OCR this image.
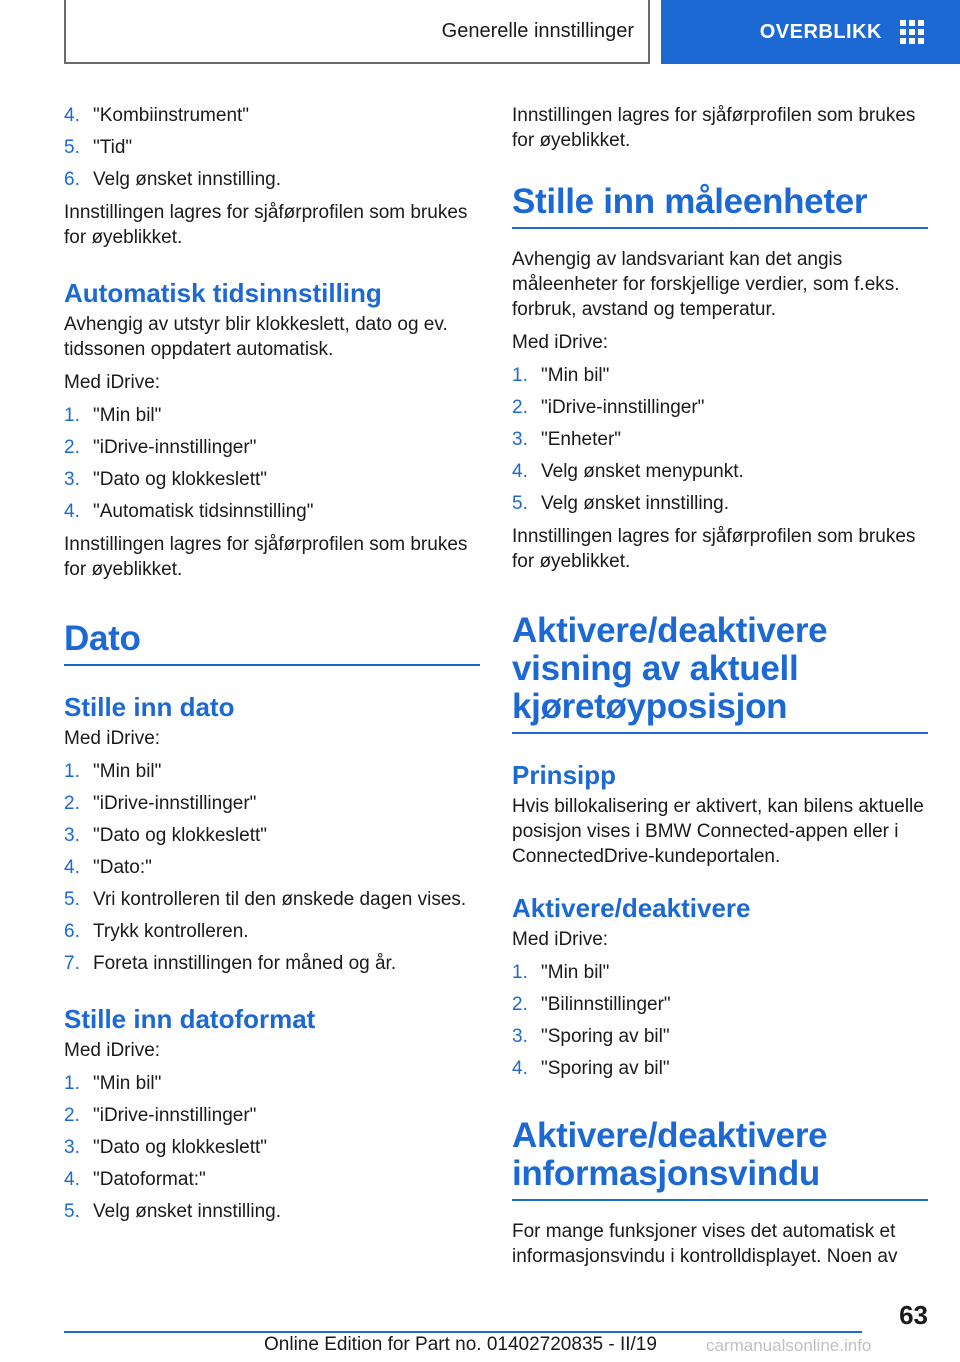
Generelle innstillinger	OVERBLIKK
4. "Kombiinstrument"
5. "Tid"
6. Velg ønsket innstilling.

Innstillingen lagres for sjåførprofilen som brukes for øyeblikket.

Automatisk tidsinnstilling

Avhengig av utstyr blir klokkeslett, dato og ev. tidssonen oppdatert automatisk.

Med iDrive:

1. "Min bil"
2. "iDrive-innstillinger"
3. "Dato og klokkeslett"
4. "Automatisk tidsinnstilling"

Innstillingen lagres for sjåførprofilen som brukes for øyeblikket.

Dato
Stille inn dato

Med iDrive:

1. "Min bil"
2. "iDrive-innstillinger"
3. "Dato og klokkeslett"
4. "Dato:"
5. Vri kontrolleren til den ønskede dagen vises.
6. Trykk kontrolleren.
7. Foreta innstillingen for måned og år.
Stille inn datoformat

Med iDrive:

1. "Min bil"
2. "iDrive-innstillinger"
3. "Dato og klokkeslett"
4. "Datoformat:"
5. Velg ønsket innstilling.

Innstillingen lagres for sjåførprofilen som brukes for øyeblikket.

Stille inn måleenheter

Avhengig av landsvariant kan det angis måleenheter for forskjellige verdier, som f.eks. forbruk, avstand og temperatur.

Med iDrive:

1. "Min bil"
2. "iDrive-innstillinger"
3. "Enheter"
4. Velg ønsket menypunkt.
5. Velg ønsket innstilling.

Innstillingen lagres for sjåførprofilen som brukes for øyeblikket.

Aktivere/deaktivere visning av aktuell kjøretøyposisjon
Prinsipp

Hvis billokalisering er aktivert, kan bilens aktuelle posisjon vises i BMW Connected-appen eller i ConnectedDrive-kundeportalen.

Aktivere/deaktivere

Med iDrive:

1. "Min bil"
2. "Bilinnstillinger"
3. "Sporing av bil"
4. "Sporing av bil"
Aktivere/deaktivere informasjonsvindu

For mange funksjoner vises det automatisk et informasjonsvindu i kontrolldisplayet. Noen av

63
Online Edition for Part no. 01402720835 - II/19	carmanualsonline.info
